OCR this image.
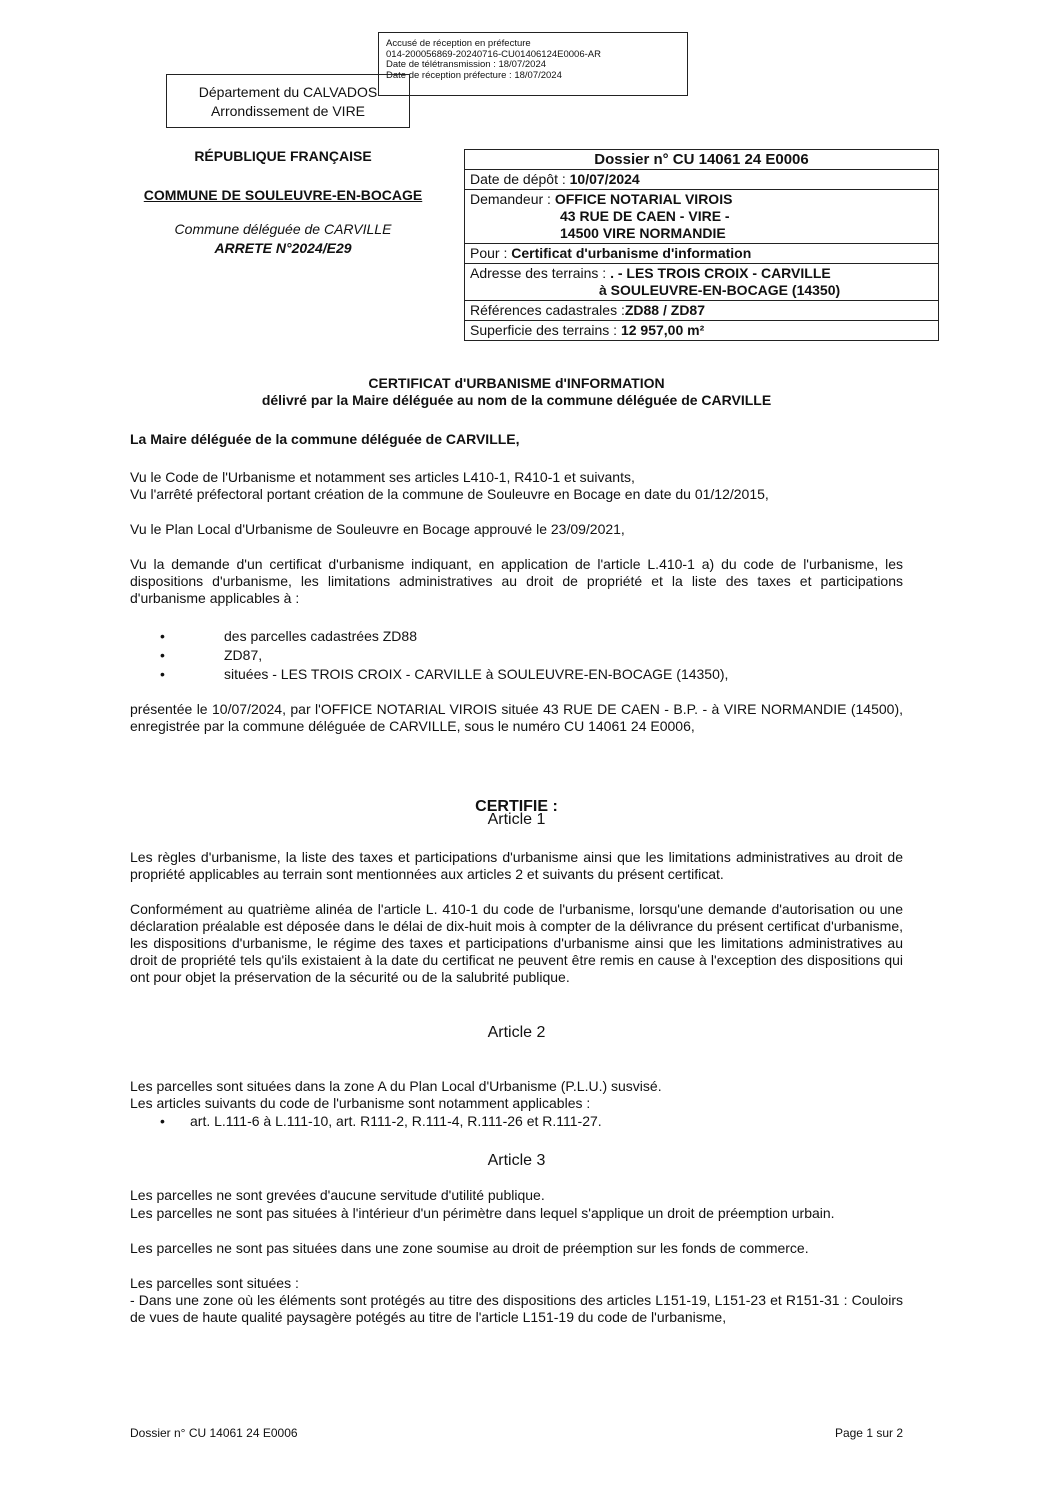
Accusé de réception en préfecture
014-200056869-20240716-CU01406124E0006-AR
Date de télétransmission : 18/07/2024
Date de réception préfecture : 18/07/2024
Département du CALVADOS
Arrondissement de VIRE
RÉPUBLIQUE FRANÇAISE
COMMUNE DE SOULEUVRE-EN-BOCAGE
Commune déléguée de CARVILLE
ARRETE N°2024/E29
Dossier n° CU 14061 24 E0006
Date de dépôt : 10/07/2024
Demandeur : OFFICE NOTARIAL VIROIS
43 RUE DE CAEN - VIRE -
14500 VIRE NORMANDIE
Pour : Certificat d'urbanisme d'information
Adresse des terrains : . - LES TROIS CROIX - CARVILLE
à SOULEUVRE-EN-BOCAGE (14350)
Références cadastrales :ZD88 / ZD87
Superficie des terrains : 12 957,00 m²
CERTIFICAT d'URBANISME d'INFORMATION
délivré par la Maire déléguée au nom de la commune déléguée de CARVILLE
La Maire déléguée de la commune déléguée de CARVILLE,
Vu le Code de l'Urbanisme et notamment ses articles L410-1, R410-1 et suivants,
Vu l'arrêté préfectoral portant création de la commune de Souleuvre en Bocage en date du 01/12/2015,
Vu le Plan Local d'Urbanisme de Souleuvre en Bocage approuvé le 23/09/2021,
Vu la demande d'un certificat d'urbanisme indiquant, en application de l'article L.410-1 a) du code de l'urbanisme, les dispositions d'urbanisme, les limitations administratives au droit de propriété et la liste des taxes et participations d'urbanisme applicables à :
•	des parcelles cadastrées ZD88
•	ZD87,
•	situées - LES TROIS CROIX - CARVILLE à SOULEUVRE-EN-BOCAGE (14350),
présentée le 10/07/2024, par l'OFFICE NOTARIAL VIROIS située 43 RUE DE CAEN - B.P. - à VIRE NORMANDIE (14500), enregistrée par la commune déléguée de CARVILLE, sous le numéro CU 14061 24 E0006,
CERTIFIE :
Article 1
Les règles d'urbanisme, la liste des taxes et participations d'urbanisme ainsi que les limitations administratives au droit de propriété applicables au terrain sont mentionnées aux articles 2 et suivants du présent certificat.
Conformément au quatrième alinéa de l'article L. 410-1 du code de l'urbanisme, lorsqu'une demande d'autorisation ou une déclaration préalable est déposée dans le délai de dix-huit mois à compter de la délivrance du présent certificat d'urbanisme, les dispositions d'urbanisme, le régime des taxes et participations d'urbanisme ainsi que les limitations administratives au droit de propriété tels qu'ils existaient à la date du certificat ne peuvent être remis en cause à l'exception des dispositions qui ont pour objet la préservation de la sécurité ou de la salubrité publique.
Article 2
Les parcelles sont situées dans la zone A du Plan Local d'Urbanisme (P.L.U.) susvisé.
Les articles suivants du code de l'urbanisme sont notamment applicables :
• art. L.111-6 à L.111-10, art. R111-2, R.111-4, R.111-26 et R.111-27.
Article 3
Les parcelles ne sont grevées d'aucune servitude d'utilité publique.
Les parcelles ne sont pas situées à l'intérieur d'un périmètre dans lequel s'applique un droit de préemption urbain.
Les parcelles ne sont pas situées dans une zone soumise au droit de préemption sur les fonds de commerce.
Les parcelles sont situées :
- Dans une zone où les éléments sont protégés au titre des dispositions des articles L151-19, L151-23 et R151-31 : Couloirs de vues de haute qualité paysagère potégés au titre de l'article L151-19 du code de l'urbanisme,
Dossier n° CU 14061 24 E0006	Page 1 sur 2
